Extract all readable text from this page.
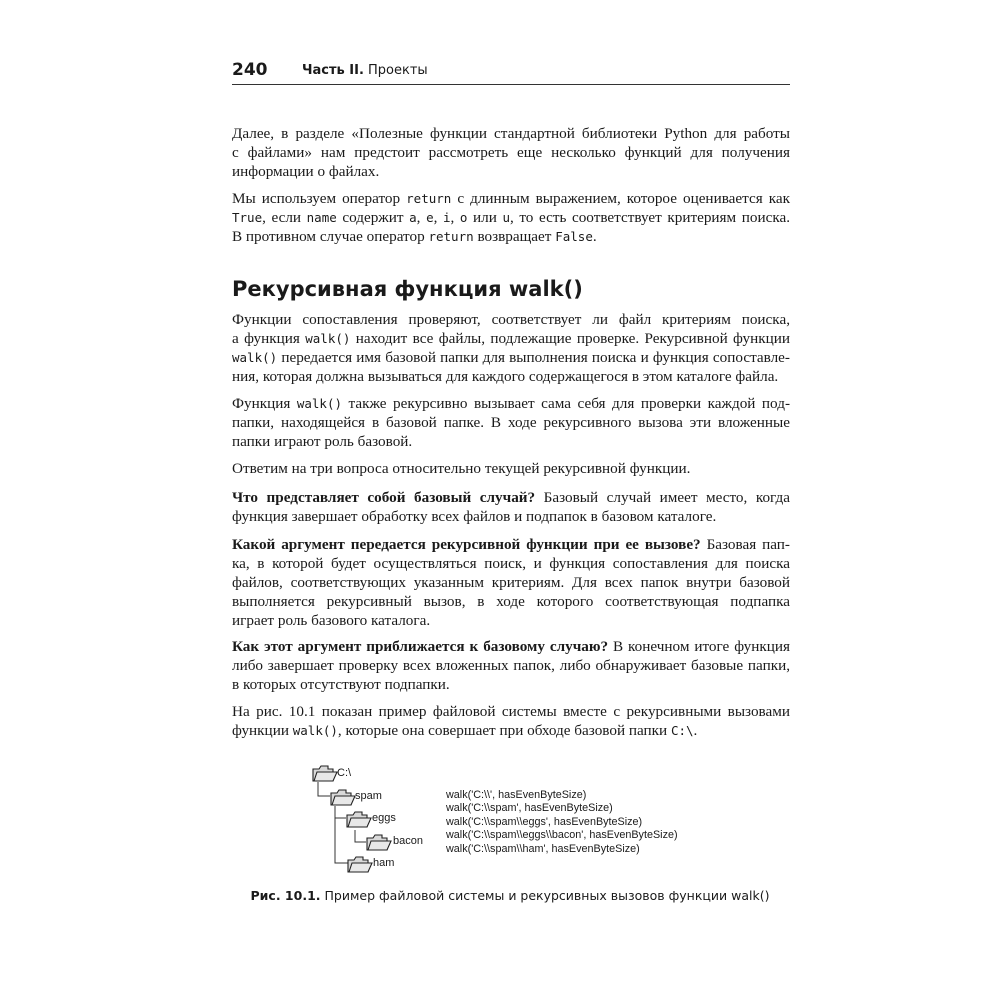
240	Часть II. Проекты
Далее, в разделе «Полезные функции стандартной библиотеки Python для работы
с файлами» нам предстоит рассмотреть еще несколько функций для получения
информации о файлах.
Мы используем оператор return с длинным выражением, которое оценивается как
True, если name содержит a, e, i, o или u, то есть соответствует критериям поиска.
В противном случае оператор return возвращает False.
Рекурсивная функция walk()
Функции сопоставления проверяют, соответствует ли файл критериям поиска,
а функция walk() находит все файлы, подлежащие проверке. Рекурсивной функции
walk() передается имя базовой папки для выполнения поиска и функция сопоставле-
ния, которая должна вызываться для каждого содержащегося в этом каталоге файла.
Функция walk() также рекурсивно вызывает сама себя для проверки каждой под-
папки, находящейся в базовой папке. В ходе рекурсивного вызова эти вложенные
папки играют роль базовой.
Ответим на три вопроса относительно текущей рекурсивной функции.
Что представляет собой базовый случай? Базовый случай имеет место, когда
функция завершает обработку всех файлов и подпапок в базовом каталоге.
Какой аргумент передается рекурсивной функции при ее вызове? Базовая пап-
ка, в которой будет осуществляться поиск, и функция сопоставления для поиска
файлов, соответствующих указанным критериям. Для всех папок внутри базовой
выполняется рекурсивный вызов, в ходе которого соответствующая подпапка
играет роль базового каталога.
Как этот аргумент приближается к базовому случаю? В конечном итоге функция
либо завершает проверку всех вложенных папок, либо обнаруживает базовые папки,
в которых отсутствуют подпапки.
На рис. 10.1 показан пример файловой системы вместе с рекурсивными вызовами
функции walk(), которые она совершает при обходе базовой папки C:\.
C:\
spam
eggs
bacon
ham
walk('C:\\', hasEvenByteSize)
walk('C:\\spam', hasEvenByteSize)
walk('C:\\spam\\eggs', hasEvenByteSize)
walk('C:\\spam\\eggs\\bacon', hasEvenByteSize)
walk('C:\\spam\\ham', hasEvenByteSize)
Рис. 10.1. Пример файловой системы и рекурсивных вызовов функции walk()
